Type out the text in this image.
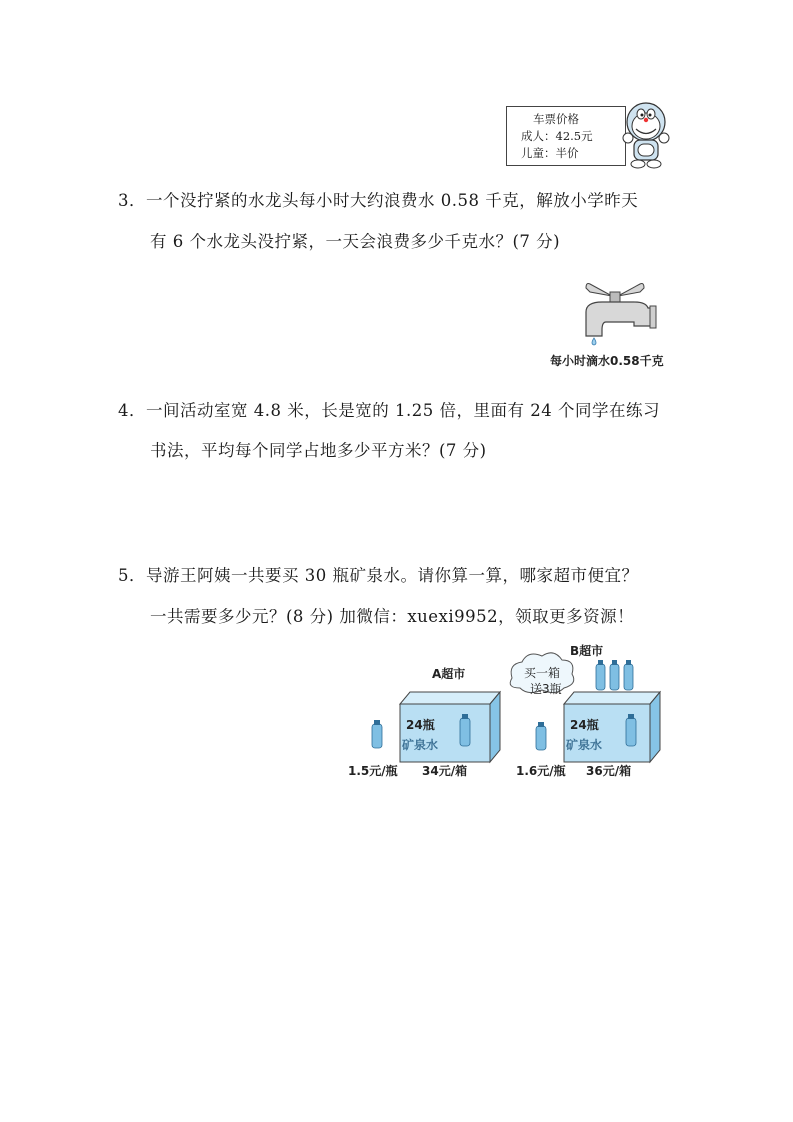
车票价格
成人：42.5元
儿童：半价
3．一个没拧紧的水龙头每小时大约浪费水 0.58 千克，解放小学昨天
有 6 个水龙头没拧紧，一天会浪费多少千克水？(7 分)
每小时滴水0.58千克
4．一间活动室宽 4.8 米，长是宽的 1.25 倍，里面有 24 个同学在练习
书法，平均每个同学占地多少平方米？(7 分)
5．导游王阿姨一共要买 30 瓶矿泉水。请你算一算，哪家超市便宜？
一共需要多少元？(8 分) 加微信：xuexi9952，领取更多资源！
A超市
24瓶
矿泉水
1.5元/瓶 34元/箱
B超市
买一箱
送3瓶
24瓶
矿泉水
1.6元/瓶 36元/箱
